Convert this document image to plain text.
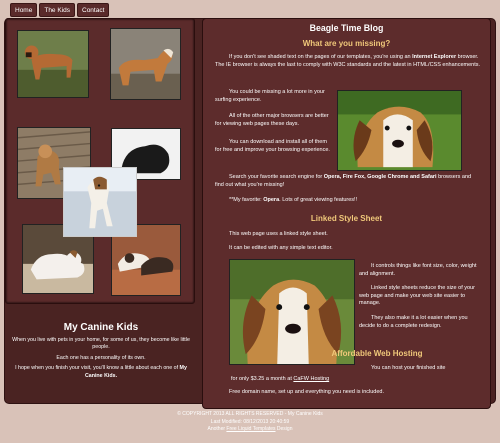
Home	The Kids	Contact
My Canine Kids

When you live with pets in your home, for some of us, they become like little people.

Each one has a personality of its own.

I hope when you finish your visit, you'll know a little about each one of My Canine Kids.

Beagle Time Blog
What are you missing?

If you don't see shaded text on the pages of our templates, you're using an Internet Explorer browser. The IE browser is always the last to comply with W3C standards and the latest in HTML/CSS enhancements.

You could be missing a lot more in your surfing experience.

All of the other major browsers are better for viewing web pages these days.

You can download and install all of them for free and improve your browsing experience.

Search your favorite search engine for Opera, Fire Fox, Google Chrome and Safari browsers and find out what you're missing!

**My favorite: Opera. Lots of great viewing features!!

Linked Style Sheet

This web page uses a linked style sheet.

It can be edited with any simple text editor.

It controls things like font size, color, weight and alignment.

Linked style sheets reduce the size of your web page and make your web site easier to manage.

They also make it a lot easier when you decide to do a complete redesign.

Affordable Web Hosting

You can host your finished site

for only $3.25 a month at CaFW Hosting

Free domain name, set up and everything you need is included.

© COPYRIGHT 2013 ALL RIGHTS RESERVED - My Canine Kids
Last Modified: 08/12/2013 20:40:59
Another Free Liquid Templates Design
